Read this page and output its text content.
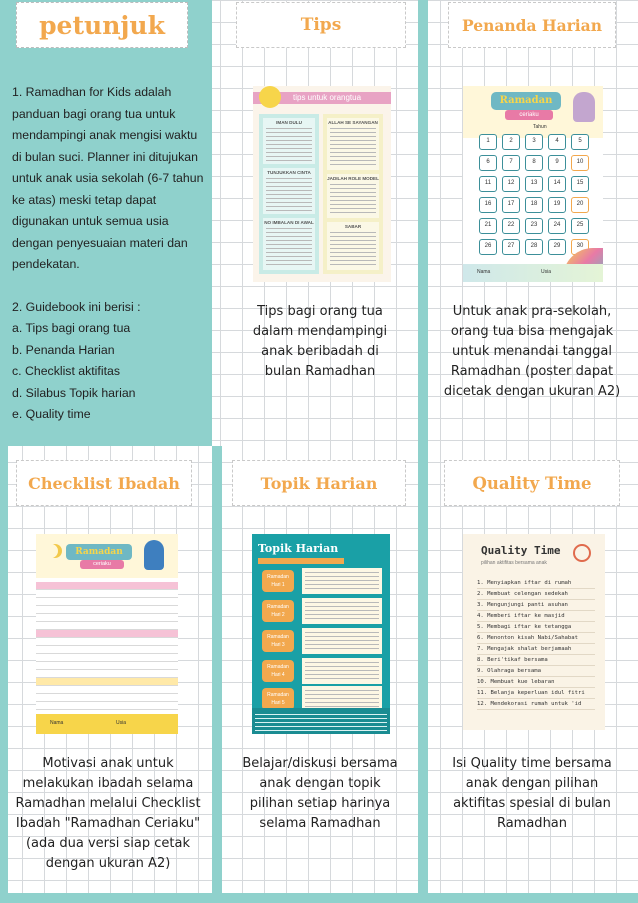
petunjuk

1. Ramadhan for Kids adalah panduan bagi orang tua untuk mendampingi anak mengisi waktu di bulan suci. Planner ini ditujukan untuk anak usia sekolah (6-7 tahun ke atas) meski tetap dapat digunakan untuk semua usia dengan penyesuaian materi dan pendekatan.

2. Guidebook ini berisi :
a. Tips bagi orang tua
b. Penanda Harian
c. Checklist aktifitas
d. Silabus Topik harian
e. Quality time
Tips	Penanda Harian
Checklist Ibadah	Topik Harian	Quality Time
tips untuk orangtua
IMAN DULU
TUNJUKKAN CINTA
NO IMBALAN DI AWAL
ALLAH SE SAYANGAN
JADILAH ROLE MODEL
SABAR
Tips bagi orang tua dalam mendampingi anak beribadah di bulan Ramadhan
Ramadan
ceriaku
Tahun
1	2	3	4	5
6	7	8	9	10
11	12	13	14	15
16	17	18	19	20
21	22	23	24	25
26	27	28	29	30
Nama	Usia
Untuk anak pra-sekolah, orang tua bisa mengajak untuk menandai tanggal Ramadhan (poster dapat dicetak dengan ukuran A2)
Ramadan
ceriaku
Nama	Usia
Motivasi anak untuk melakukan ibadah selama Ramadhan melalui Checklist Ibadah "Ramadhan Ceriaku" (ada dua versi siap cetak dengan ukuran A2)
Topik Harian
Ramadan Hari 1
Ramadan Hari 2
Ramadan Hari 3
Ramadan Hari 4
Ramadan Hari 5
Belajar/diskusi bersama anak dengan topik pilihan setiap harinya selama Ramadhan
Quality Time
pilihan aktifitas bersama anak
1. Menyiapkan iftar di rumah
2. Membuat celengan sedekah
3. Mengunjungi panti asuhan
4. Memberi iftar ke masjid
5. Membagi iftar ke tetangga
6. Menonton kisah Nabi/Sahabat
7. Mengajak shalat berjamaah
8. Beri'tikaf bersama
9. Olahraga bersama
10. Membuat kue lebaran
11. Belanja keperluan idul fitri
12. Mendekorasi rumah untuk 'id
Isi Quality time bersama anak dengan pilihan aktifitas spesial di bulan Ramadhan
